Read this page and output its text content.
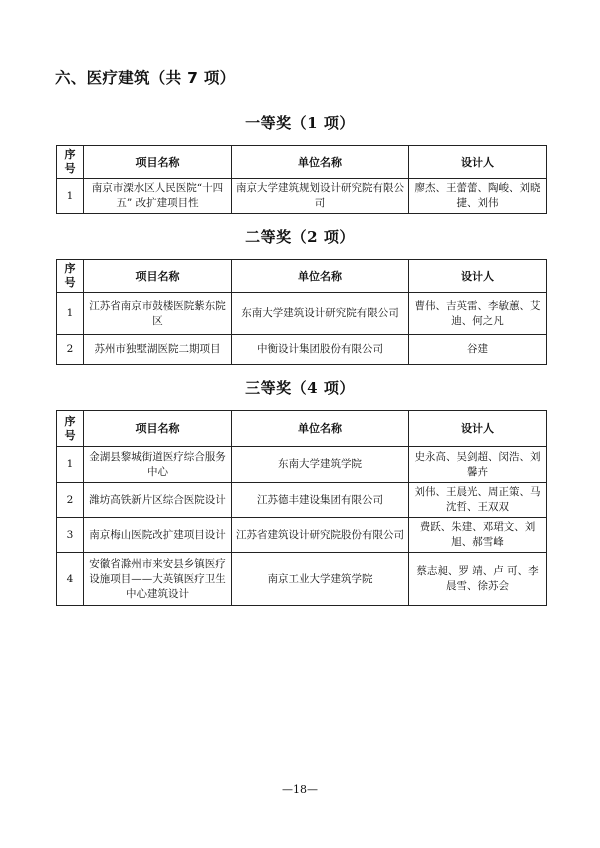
六、医疗建筑（共 7 项）
一等奖（1 项）
序
号	项目名称	单位名称	设计人
1	南京市溧水区人民医院“十四五” 改扩建项目性	南京大学建筑规划设计研究院有限公司	廖杰、王蕾蕾、陶峻、刘晓捷、刘伟
二等奖（2 项）
序
号	项目名称	单位名称	设计人
1	江苏省南京市鼓楼医院紫东院区	东南大学建筑设计研究院有限公司	曹伟、吉英雷、李敏蕙、艾迪、何之凡
2	苏州市独墅湖医院二期项目	中衡设计集团股份有限公司	谷建
三等奖（4 项）
序
号	项目名称	单位名称	设计人
1	金湖县黎城街道医疗综合服务中心	东南大学建筑学院	史永高、吴剑超、闵浩、刘馨卉
2	潍坊高铁新片区综合医院设计	江苏德丰建设集团有限公司	刘伟、王晨光、周正策、马沈哲、王双双
3	南京梅山医院改扩建项目设计	江苏省建筑设计研究院股份有限公司	费跃、朱建、邓珺文、刘旭、郝雪峰
4	安徽省滁州市来安县乡镇医疗设施项目——大英镇医疗卫生中心建筑设计	南京工业大学建筑学院	蔡志昶、罗 靖、卢 可、李晨雪、徐苏会
—18—
